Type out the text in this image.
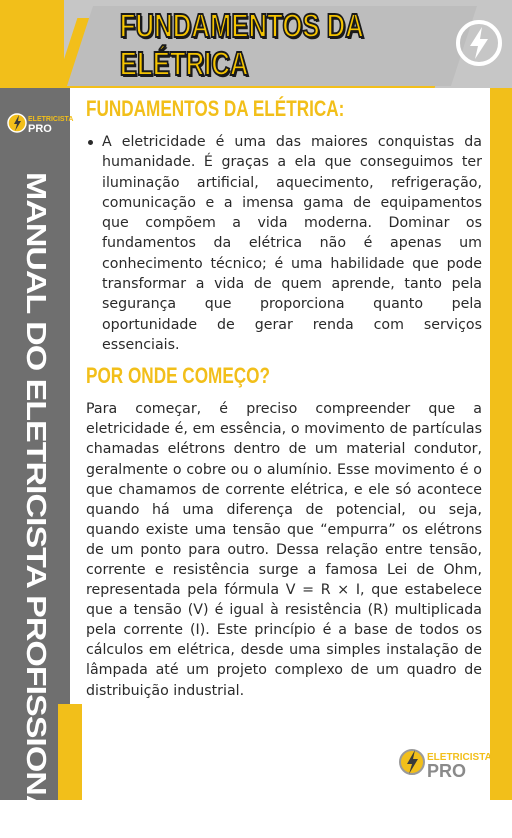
FUNDAMENTOS DA ELÉTRICA
ELETRICISTA
PRO
MANUAL DO ELETRICISTA PROFISSIONAL
FUNDAMENTOS DA ELÉTRICA:
A eletricidade é uma das maiores conquistas da humanidade. É graças a ela que conseguimos ter iluminação artificial, aquecimento, refrigeração, comunicação e a imensa gama de equipamentos que compõem a vida moderna. Dominar os fundamentos da elétrica não é apenas um conhecimento técnico; é uma habilidade que pode transformar a vida de quem aprende, tanto pela segurança que proporciona quanto pela oportunidade de gerar renda com serviços essenciais.
POR ONDE COMEÇO?

Para começar, é preciso compreender que a eletricidade é, em essência, o movimento de partículas chamadas elétrons dentro de um material condutor, geralmente o cobre ou o alumínio. Esse movimento é o que chamamos de corrente elétrica, e ele só acontece quando há uma diferença de potencial, ou seja, quando existe uma tensão que “empurra” os elétrons de um ponto para outro. Dessa relação entre tensão, corrente e resistência surge a famosa Lei de Ohm, representada pela fórmula V = R × I, que estabelece que a tensão (V) é igual à resistência (R) multiplicada pela corrente (I). Este princípio é a base de todos os cálculos em elétrica, desde uma simples instalação de lâmpada até um projeto complexo de um quadro de distribuição industrial.

ELETRICISTA
PRO
